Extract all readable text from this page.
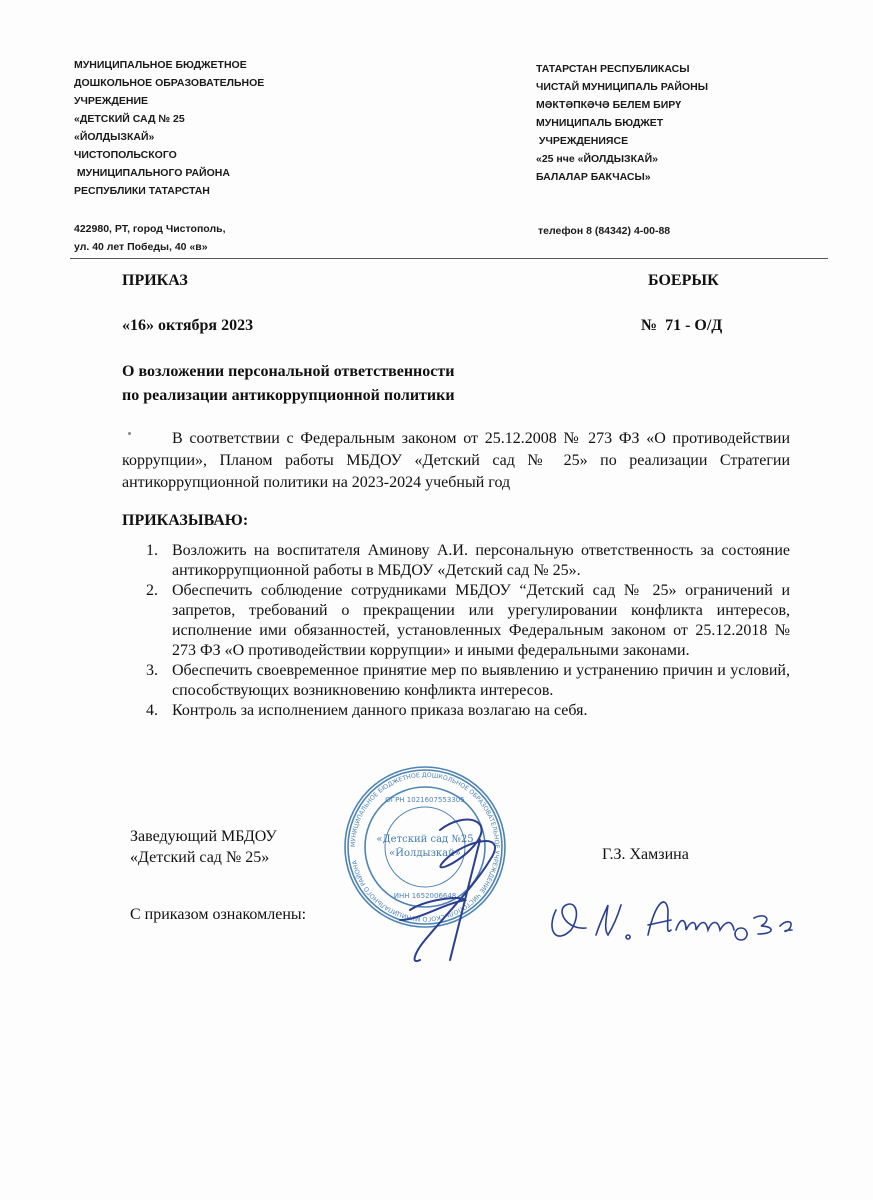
МУНИЦИПАЛЬНОЕ БЮДЖЕТНОЕ
ДОШКОЛЬНОЕ ОБРАЗОВАТЕЛЬНОЕ
УЧРЕЖДЕНИЕ
«ДЕТСКИЙ САД № 25
«ЙОЛДЫЗКАЙ»
ЧИСТОПОЛЬСКОГО
МУНИЦИПАЛЬНОГО РАЙОНА
РЕСПУБЛИКИ ТАТАРСТАН
ТАТАРСТАН РЕСПУБЛИКАСЫ
ЧИСТАЙ МУНИЦИПАЛЬ РАЙОНЫ
МӘКТӘПКӘЧӘ БЕЛЕМ БИРҮ
МУНИЦИПАЛЬ БЮДЖЕТ
УЧРЕЖДЕНИЯСЕ
«25 нче «ЙОЛДЫЗКАЙ»
БАЛАЛАР БАКЧАСЫ»
422980, РТ, город Чистополь,
ул. 40 лет Победы, 40 «в»
телефон 8 (84342) 4-00-88
ПРИКАЗ	БОЕРЫК
«16» октября 2023	№  71 - О/Д
О возложении персональной ответственности
по реализации антикоррупционной политики

В соответствии с Федеральным законом от 25.12.2008 № 273 ФЗ «О противодействии коррупции», Планом работы МБДОУ «Детский сад № 25» по реализации Стратегии антикоррупционной политики на 2023-2024 учебный год

ПРИКАЗЫВАЮ:
1. Возложить на воспитателя Аминову А.И. персональную ответственность за состояние антикоррупционной работы в МБДОУ «Детский сад № 25».
2. Обеспечить соблюдение сотрудниками МБДОУ “Детский сад № 25» ограничений и запретов, требований о прекращении или урегулировании конфликта интересов, исполнение ими обязанностей, установленных Федеральным законом от 25.12.2018 № 273 ФЗ «О противодействии коррупции» и иными федеральными законами.
3. Обеспечить своевременное принятие мер по выявлению и устранению причин и условий, способствующих возникновению конфликта интересов.
4. Контроль за исполнением данного приказа возлагаю на себя.
МУНИЦИПАЛЬНОЕ БЮДЖЕТНОЕ ДОШКОЛЬНОЕ ОБРАЗОВАТЕЛЬНОЕ УЧРЕЖДЕНИЕ ЧИСТОПОЛЬСКОГО МУНИЦИПАЛЬНОГО РАЙОНА
ОГРН 1021607553305
«Детский сад №25
«Йолдызкай»
ИНН 1652006648
Заведующий МБДОУ
«Детский сад № 25»	Г.З. Хамзина
С приказом ознакомлены:
